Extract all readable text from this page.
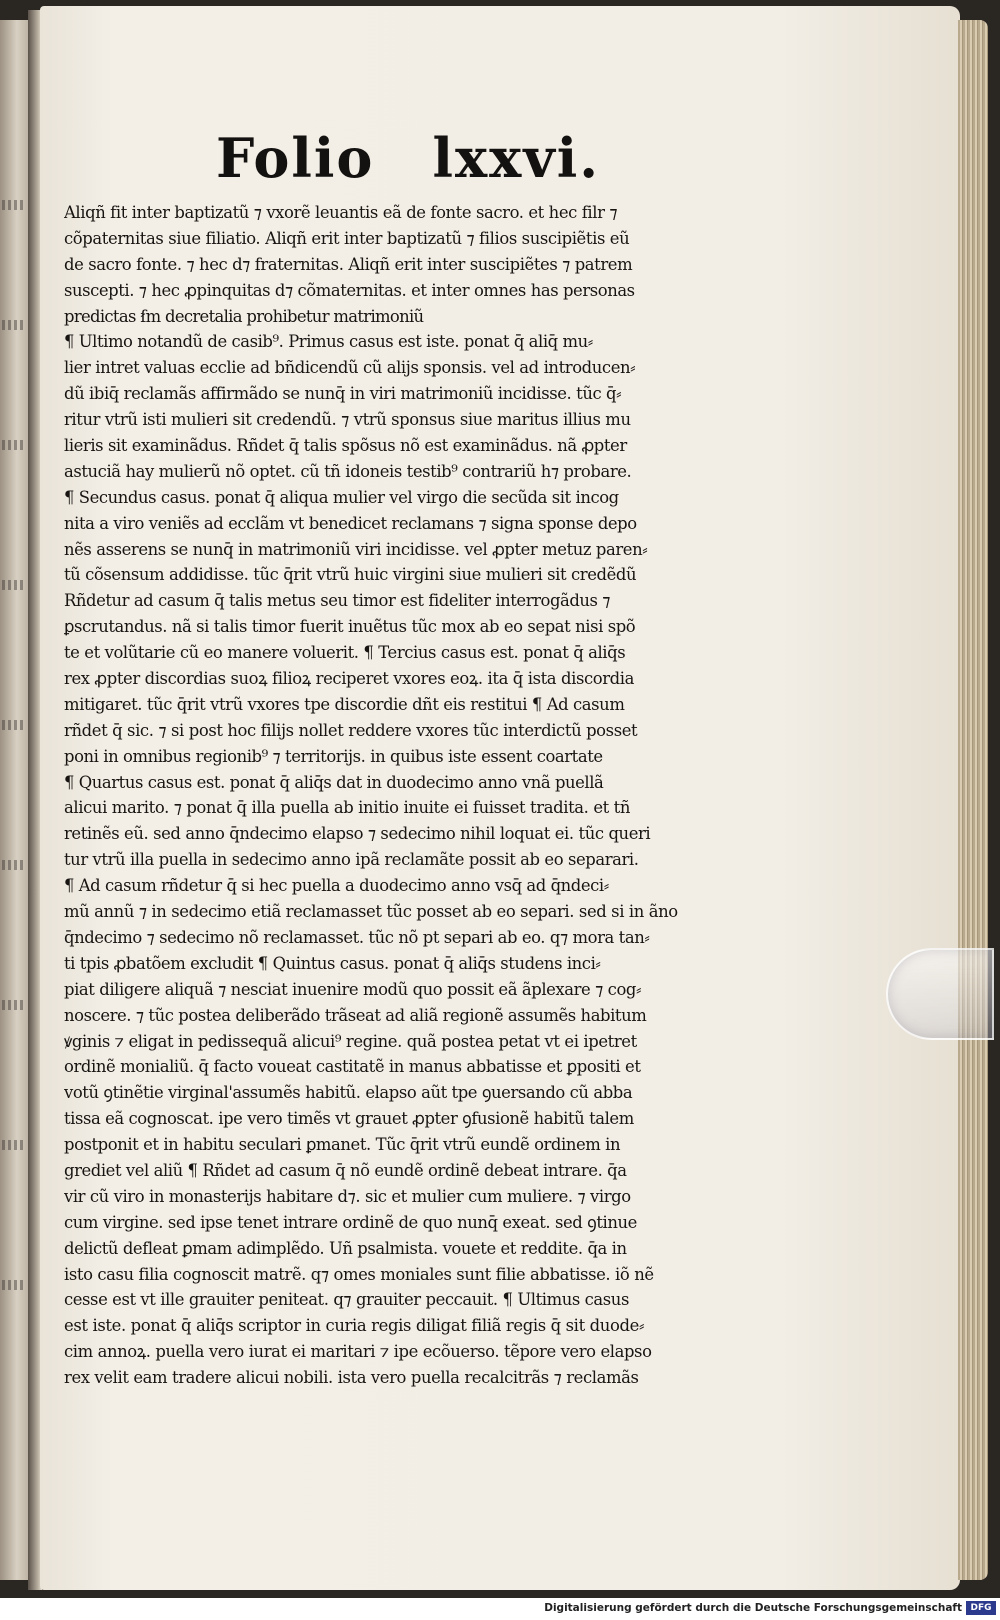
Folio lxxvi.
Aliqñ fit inter baptizatũ ⁊ vxorẽ leuantis eã de fonte sacro. et hec filr ⁊
cõpaternitas siue filiatio. Aliqñ erit inter baptizatũ ⁊ filios suscipiẽtis eũ
de sacro fonte. ⁊ hec d⁊ fraternitas. Aliqñ erit inter suscipiẽtes ⁊ patrem
suscepti. ⁊ hec ꝓpinquitas d⁊ cõmaternitas. et inter omnes has personas
predictas ẜm decretalia prohibetur matrimoniũ
¶ Ultimo notandũ de casib⁹. Primus casus est iste. ponat q̄ aliq̄ mu⸗
lier intret valuas ecclie ad bñdicendũ cũ alijs sponsis. vel ad introducen⸗
dũ ibiq̄ reclamãs affirmãdo se nunq̄ in viri matrimoniũ incidisse. tũc q̄⸗
ritur vtrũ isti mulieri sit credendũ. ⁊ vtrũ sponsus siue maritus illius mu
lieris sit examinãdus. Rñdet q̄ talis spõsus nõ est examinãdus. nã ꝓpter
astuciã hay mulierũ nõ optet. cũ tñ idoneis testib⁹ contrariũ h⁊ probare.
¶ Secundus casus. ponat q̄ aliqua mulier vel virgo die secũda sit incog
nita a viro veniẽs ad ecclãm vt benedicet reclamans ⁊ signa sponse depo
nẽs asserens se nunq̄ in matrimoniũ viri incidisse. vel ꝓpter metuz paren⸗
tũ cõsensum addidisse. tũc q̄rit vtrũ huic virgini siue mulieri sit credẽdũ
Rñdetur ad casum q̄ talis metus seu timor est fideliter interrogãdus ⁊
ꝑscrutandus. nã si talis timor fuerit inuẽtus tũc mox ab eo sepat nisi spõ
te et volũtarie cũ eo manere voluerit. ¶ Tercius casus est. ponat q̄ aliq̄s
rex ꝓpter discordias suoꝝ filioꝝ reciperet vxores eoꝝ. ita q̄ ista discordia
mitigaret. tũc q̄rit vtrũ vxores tpe discordie dñt eis restitui ¶ Ad casum
rñdet q̄ sic. ⁊ si post hoc filijs nollet reddere vxores tũc interdictũ posset
poni in omnibus regionib⁹ ⁊ territorijs. in quibus iste essent coartate
¶ Quartus casus est. ponat q̄ aliq̄s dat in duodecimo anno vnã puellã
alicui marito. ⁊ ponat q̄ illa puella ab initio inuite ei fuisset tradita. et tñ
retinẽs eũ. sed anno q̄ndecimo elapso ⁊ sedecimo nihil loquat ei. tũc queri
tur vtrũ illa puella in sedecimo anno ipã reclamãte possit ab eo separari.
¶ Ad casum rñdetur q̄ si hec puella a duodecimo anno vsq̄ ad q̄ndeci⸗
mũ annũ ⁊ in sedecimo etiã reclamasset tũc posset ab eo separi. sed si in ãno
q̄ndecimo ⁊ sedecimo nõ reclamasset. tũc nõ pt separi ab eo. q⁊ mora tan⸗
ti tpis ꝓbatõem excludit ¶ Quintus casus. ponat q̄ aliq̄s studens inci⸗
piat diligere aliquã ⁊ nesciat inuenire modũ quo possit eã ãplexare ⁊ cog⸗
noscere. ⁊ tũc postea deliberãdo trãseat ad aliã regionẽ assumẽs habitum
ꝟginis ⁊ eligat in pedissequã alicui⁹ regine. quã postea petat vt ei ipetret
ordinẽ monialiũ. q̄ facto voueat castitatẽ in manus abbatisse et ꝑpositi et
votũ ꝯtinẽtie virginal'assumẽs habitũ. elapso aũt tpe ꝯuersando cũ abba
tissa eã cognoscat. ipe vero timẽs vt grauet ꝓpter ꝯfusionẽ habitũ talem
postponit et in habitu seculari ꝑmanet. Tũc q̄rit vtrũ eundẽ ordinem in
grediet vel aliũ ¶ Rñdet ad casum q̄ nõ eundẽ ordinẽ debeat intrare. q̄a
vir cũ viro in monasterijs habitare d⁊. sic et mulier cum muliere. ⁊ virgo
cum virgine. sed ipse tenet intrare ordinẽ de quo nunq̄ exeat. sed ꝯtinue
delictũ defleat ꝑmam adimplẽdo. Uñ psalmista. vouete et reddite. q̄a in
isto casu filia cognoscit matrẽ. q⁊ omes moniales sunt filie abbatisse. iõ nẽ
cesse est vt ille grauiter peniteat. q⁊ grauiter peccauit. ¶ Ultimus casus
est iste. ponat q̄ aliq̄s scriptor in curia regis diligat filiã regis q̄ sit duode⸗
cim annoꝝ. puella vero iurat ei maritari ⁊ ipe ecõuerso. tẽpore vero elapso
rex velit eam tradere alicui nobili. ista vero puella recalcitrãs ⁊ reclamãs
Digitalisierung gefördert durch die Deutsche Forschungsgemeinschaft DFG
